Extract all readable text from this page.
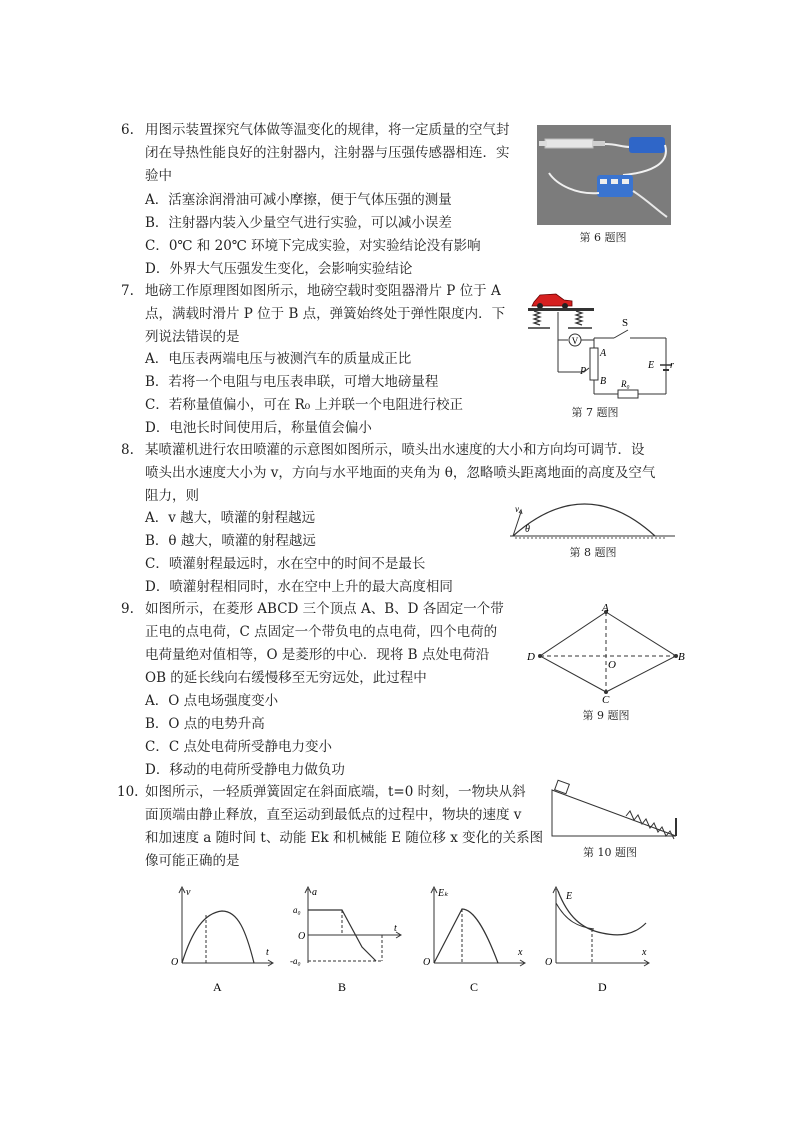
6. 用图示装置探究气体做等温变化的规律，将一定质量的空气封
闭在导热性能良好的注射器内，注射器与压强传感器相连．实
验中
A．活塞涂润滑油可减小摩擦，便于气体压强的测量
B．注射器内装入少量空气进行实验，可以减小误差
C．0℃ 和 20℃ 环境下完成实验，对实验结论没有影响
D．外界大气压强发生变化，会影响实验结论
第 6 题图
7. 地磅工作原理图如图所示，地磅空载时变阻器滑片 P 位于 A
点，满载时滑片 P 位于 B 点，弹簧始终处于弹性限度内．下
列说法错误的是
A．电压表两端电压与被测汽车的质量成正比
B．若将一个电阻与电压表串联，可增大地磅量程
C．若称量值偏小，可在 R₀ 上并联一个电阻进行校正
D．电池长时间使用后，称量值会偏小
V
A
B
P
R₀
S
E r
第 7 题图
8. 某喷灌机进行农田喷灌的示意图如图所示，喷头出水速度的大小和方向均可调节．设
喷头出水速度大小为 v，方向与水平地面的夹角为 θ，忽略喷头距离地面的高度及空气
阻力，则
A．v 越大，喷灌的射程越远
B．θ 越大，喷灌的射程越远
C．喷灌射程最远时，水在空中的时间不是最长
D．喷灌射程相同时，水在空中上升的最大高度相同
v
θ
第 8 题图
9. 如图所示，在菱形 ABCD 三个顶点 A、B、D 各固定一个带
正电的点电荷，C 点固定一个带负电的点电荷，四个电荷的
电荷量绝对值相等，O 是菱形的中心．现将 B 点处电荷沿
OB 的延长线向右缓慢移至无穷远处，此过程中
A．O 点电场强度变小
B．O 点的电势升高
C．C 点处电荷所受静电力变小
D．移动的电荷所受静电力做负功
A
B
C
D
O
第 9 题图
10. 如图所示，一轻质弹簧固定在斜面底端，t=0 时刻，一物块从斜
面顶端由静止释放，直至运动到最低点的过程中，物块的速度 v
和加速度 a 随时间 t、动能 Ek 和机械能 E 随位移 x 变化的关系图
像可能正确的是
第 10 题图
v
t
O
A
a
t
O
a₀
-a₀
B
Eₖ
x
O
C
E
x
O
D
